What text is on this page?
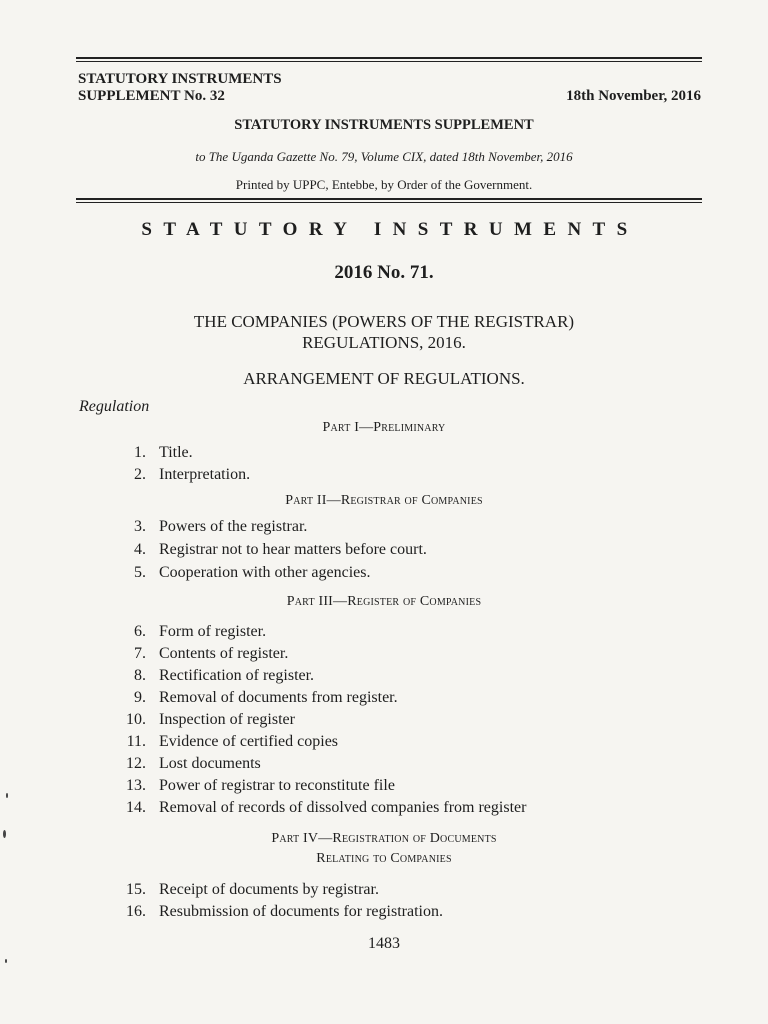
STATUTORY INSTRUMENTS
SUPPLEMENT No. 32	18th November, 2016
STATUTORY INSTRUMENTS SUPPLEMENT
to The Uganda Gazette No. 79, Volume CIX, dated 18th November, 2016
Printed by UPPC, Entebbe, by Order of the Government.
STATUTORY INSTRUMENTS
2016 No. 71.
THE COMPANIES (POWERS OF THE REGISTRAR)
REGULATIONS, 2016.
ARRANGEMENT OF REGULATIONS.
Regulation
Part I—Preliminary
1. Title.
2. Interpretation.
Part II—Registrar of Companies
3. Powers of the registrar.
4. Registrar not to hear matters before court.
5. Cooperation with other agencies.
Part III—Register of Companies
6. Form of register.
7. Contents of register.
8. Rectification of register.
9. Removal of documents from register.
10. Inspection of register
11. Evidence of certified copies
12. Lost documents
13. Power of registrar to reconstitute file
14. Removal of records of dissolved companies from register
Part IV—Registration of Documents
Relating to Companies
15. Receipt of documents by registrar.
16. Resubmission of documents for registration.
1483
